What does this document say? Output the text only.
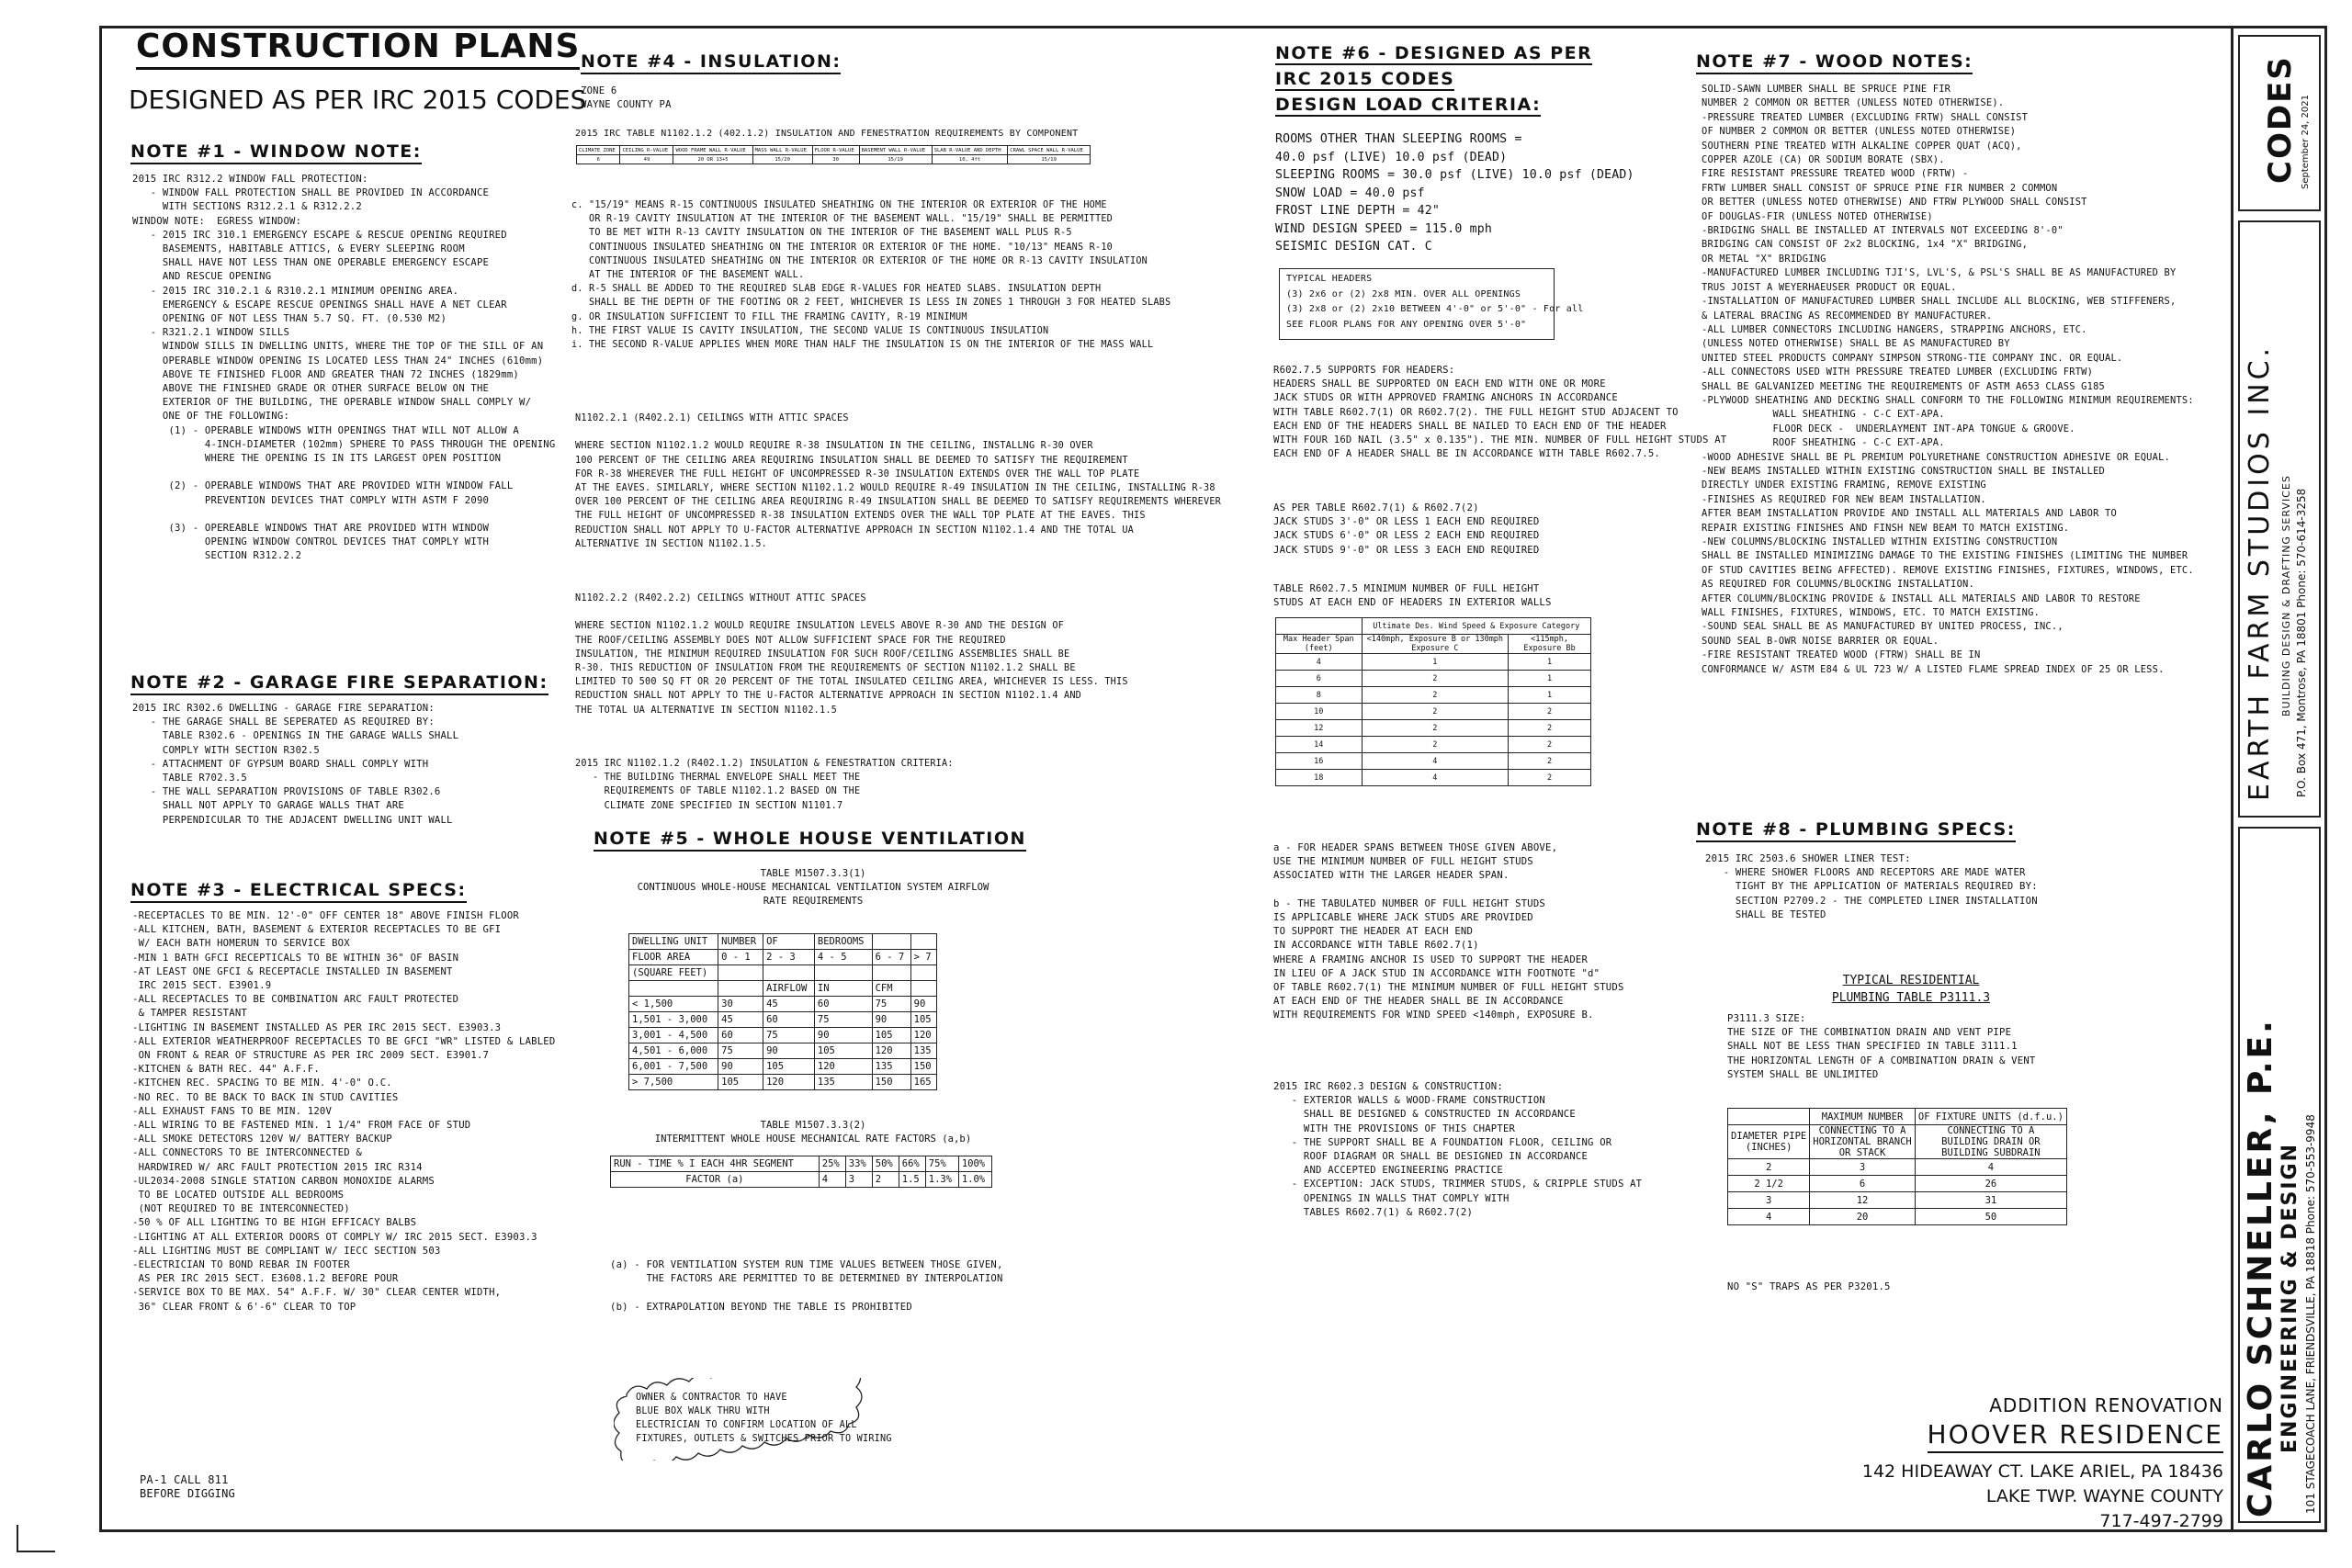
CONSTRUCTION PLANS
DESIGNED AS PER IRC 2015 CODES
NOTE #1 - WINDOW NOTE:
2015 IRC R312.2 WINDOW FALL PROTECTION:
- WINDOW FALL PROTECTION SHALL BE PROVIDED IN ACCORDANCE
WITH SECTIONS R312.2.1 & R312.2.2
WINDOW NOTE:  EGRESS WINDOW:
- 2015 IRC 310.1 EMERGENCY ESCAPE & RESCUE OPENING REQUIRED
BASEMENTS, HABITABLE ATTICS, & EVERY SLEEPING ROOM
SHALL HAVE NOT LESS THAN ONE OPERABLE EMERGENCY ESCAPE
AND RESCUE OPENING
- 2015 IRC 310.2.1 & R310.2.1 MINIMUM OPENING AREA.
EMERGENCY & ESCAPE RESCUE OPENINGS SHALL HAVE A NET CLEAR
OPENING OF NOT LESS THAN 5.7 SQ. FT. (0.530 M2)
- R321.2.1 WINDOW SILLS
WINDOW SILLS IN DWELLING UNITS, WHERE THE TOP OF THE SILL OF AN
OPERABLE WINDOW OPENING IS LOCATED LESS THAN 24" INCHES (610mm)
ABOVE TE FINISHED FLOOR AND GREATER THAN 72 INCHES (1829mm)
ABOVE THE FINISHED GRADE OR OTHER SURFACE BELOW ON THE
EXTERIOR OF THE BUILDING, THE OPERABLE WINDOW SHALL COMPLY W/
ONE OF THE FOLLOWING:
(1) - OPERABLE WINDOWS WITH OPENINGS THAT WILL NOT ALLOW A
4-INCH-DIAMETER (102mm) SPHERE TO PASS THROUGH THE OPENING
WHERE THE OPENING IS IN ITS LARGEST OPEN POSITION

(2) - OPERABLE WINDOWS THAT ARE PROVIDED WITH WINDOW FALL
PREVENTION DEVICES THAT COMPLY WITH ASTM F 2090

(3) - OPEREABLE WINDOWS THAT ARE PROVIDED WITH WINDOW
OPENING WINDOW CONTROL DEVICES THAT COMPLY WITH
SECTION R312.2.2
NOTE #2 - GARAGE FIRE SEPARATION:
2015 IRC R302.6 DWELLING - GARAGE FIRE SEPARATION:
- THE GARAGE SHALL BE SEPERATED AS REQUIRED BY:
TABLE R302.6 - OPENINGS IN THE GARAGE WALLS SHALL
COMPLY WITH SECTION R302.5
- ATTACHMENT OF GYPSUM BOARD SHALL COMPLY WITH
TABLE R702.3.5
- THE WALL SEPARATION PROVISIONS OF TABLE R302.6
SHALL NOT APPLY TO GARAGE WALLS THAT ARE
PERPENDICULAR TO THE ADJACENT DWELLING UNIT WALL
NOTE #3 - ELECTRICAL SPECS:
-RECEPTACLES TO BE MIN. 12'-0" OFF CENTER 18" ABOVE FINISH FLOOR
-ALL KITCHEN, BATH, BASEMENT & EXTERIOR RECEPTACLES TO BE GFI
W/ EACH BATH HOMERUN TO SERVICE BOX
-MIN 1 BATH GFCI RECEPTICALS TO BE WITHIN 36" OF BASIN
-AT LEAST ONE GFCI & RECEPTACLE INSTALLED IN BASEMENT
IRC 2015 SECT. E3901.9
-ALL RECEPTACLES TO BE COMBINATION ARC FAULT PROTECTED
& TAMPER RESISTANT
-LIGHTING IN BASEMENT INSTALLED AS PER IRC 2015 SECT. E3903.3
-ALL EXTERIOR WEATHERPROOF RECEPTACLES TO BE GFCI "WR" LISTED & LABLED
ON FRONT & REAR OF STRUCTURE AS PER IRC 2009 SECT. E3901.7
-KITCHEN & BATH REC. 44" A.F.F.
-KITCHEN REC. SPACING TO BE MIN. 4'-0" O.C.
-NO REC. TO BE BACK TO BACK IN STUD CAVITIES
-ALL EXHAUST FANS TO BE MIN. 120V
-ALL WIRING TO BE FASTENED MIN. 1 1/4" FROM FACE OF STUD
-ALL SMOKE DETECTORS 120V W/ BATTERY BACKUP
-ALL CONNECTORS TO BE INTERCONNECTED &
HARDWIRED W/ ARC FAULT PROTECTION 2015 IRC R314
-UL2034-2008 SINGLE STATION CARBON MONOXIDE ALARMS
TO BE LOCATED OUTSIDE ALL BEDROOMS
(NOT REQUIRED TO BE INTERCONNECTED)
-50 % OF ALL LIGHTING TO BE HIGH EFFICACY BALBS
-LIGHTING AT ALL EXTERIOR DOORS OT COMPLY W/ IRC 2015 SECT. E3903.3
-ALL LIGHTING MUST BE COMPLIANT W/ IECC SECTION 503
-ELECTRICIAN TO BOND REBAR IN FOOTER
AS PER IRC 2015 SECT. E3608.1.2 BEFORE POUR
-SERVICE BOX TO BE MAX. 54" A.F.F. W/ 30" CLEAR CENTER WIDTH,
36" CLEAR FRONT & 6'-6" CLEAR TO TOP
PA-1 CALL 811
BEFORE DIGGING
NOTE #4 - INSULATION:
ZONE 6
WAYNE COUNTY PA
2015 IRC TABLE N1102.1.2 (402.1.2) INSULATION AND FENESTRATION REQUIREMENTS BY COMPONENT
CLIMATE ZONE	CEILING R-VALUE	WOOD FRAME WALL R-VALUE	MASS WALL R-VALUE	FLOOR R-VALUE	BASEMENT WALL R-VALUE	SLAB R-VALUE AND DEPTH	CRAWL SPACE WALL R-VALUE
6	49	20 OR 13+5	15/20	30	15/19	10, 4ft	15/19
c. "15/19" MEANS R-15 CONTINUOUS INSULATED SHEATHING ON THE INTERIOR OR EXTERIOR OF THE HOME
OR R-19 CAVITY INSULATION AT THE INTERIOR OF THE BASEMENT WALL. "15/19" SHALL BE PERMITTED
TO BE MET WITH R-13 CAVITY INSULATION ON THE INTERIOR OF THE BASEMENT WALL PLUS R-5
CONTINUOUS INSULATED SHEATHING ON THE INTERIOR OR EXTERIOR OF THE HOME. "10/13" MEANS R-10
CONTINUOUS INSULATED SHEATHING ON THE INTERIOR OR EXTERIOR OF THE HOME OR R-13 CAVITY INSULATION
AT THE INTERIOR OF THE BASEMENT WALL.
d. R-5 SHALL BE ADDED TO THE REQUIRED SLAB EDGE R-VALUES FOR HEATED SLABS. INSULATION DEPTH
SHALL BE THE DEPTH OF THE FOOTING OR 2 FEET, WHICHEVER IS LESS IN ZONES 1 THROUGH 3 FOR HEATED SLABS
g. OR INSULATION SUFFICIENT TO FILL THE FRAMING CAVITY, R-19 MINIMUM
h. THE FIRST VALUE IS CAVITY INSULATION, THE SECOND VALUE IS CONTINUOUS INSULATION
i. THE SECOND R-VALUE APPLIES WHEN MORE THAN HALF THE INSULATION IS ON THE INTERIOR OF THE MASS WALL
N1102.2.1 (R402.2.1) CEILINGS WITH ATTIC SPACES

WHERE SECTION N1102.1.2 WOULD REQUIRE R-38 INSULATION IN THE CEILING, INSTALLNG R-30 OVER
100 PERCENT OF THE CEILING AREA REQUIRING INSULATION SHALL BE DEEMED TO SATISFY THE REQUIREMENT
FOR R-38 WHEREVER THE FULL HEIGHT OF UNCOMPRESSED R-30 INSULATION EXTENDS OVER THE WALL TOP PLATE
AT THE EAVES. SIMILARLY, WHERE SECTION N1102.1.2 WOULD REQUIRE R-49 INSULATION IN THE CEILING, INSTALLING R-38
OVER 100 PERCENT OF THE CEILING AREA REQUIRING R-49 INSULATION SHALL BE DEEMED TO SATISFY REQUIREMENTS WHEREVER
THE FULL HEIGHT OF UNCOMPRESSED R-38 INSULATION EXTENDS OVER THE WALL TOP PLATE AT THE EAVES. THIS
REDUCTION SHALL NOT APPLY TO U-FACTOR ALTERNATIVE APPROACH IN SECTION N1102.1.4 AND THE TOTAL UA
ALTERNATIVE IN SECTION N1102.1.5.
N1102.2.2 (R402.2.2) CEILINGS WITHOUT ATTIC SPACES

WHERE SECTION N1102.1.2 WOULD REQUIRE INSULATION LEVELS ABOVE R-30 AND THE DESIGN OF
THE ROOF/CEILING ASSEMBLY DOES NOT ALLOW SUFFICIENT SPACE FOR THE REQUIRED
INSULATION, THE MINIMUM REQUIRED INSULATION FOR SUCH ROOF/CEILING ASSEMBLIES SHALL BE
R-30. THIS REDUCTION OF INSULATION FROM THE REQUIREMENTS OF SECTION N1102.1.2 SHALL BE
LIMITED TO 500 SQ FT OR 20 PERCENT OF THE TOTAL INSULATED CEILING AREA, WHICHEVER IS LESS. THIS
REDUCTION SHALL NOT APPLY TO THE U-FACTOR ALTERNATIVE APPROACH IN SECTION N1102.1.4 AND
THE TOTAL UA ALTERNATIVE IN SECTION N1102.1.5
2015 IRC N1102.1.2 (R402.1.2) INSULATION & FENESTRATION CRITERIA:
- THE BUILDING THERMAL ENVELOPE SHALL MEET THE
REQUIREMENTS OF TABLE N1102.1.2 BASED ON THE
CLIMATE ZONE SPECIFIED IN SECTION N1101.7
NOTE #5 - WHOLE HOUSE VENTILATION
TABLE M1507.3.3(1)
CONTINUOUS WHOLE-HOUSE MECHANICAL VENTILATION SYSTEM AIRFLOW
RATE REQUIREMENTS
DWELLING UNIT	NUMBER	OF	BEDROOMS		
FLOOR AREA	0 - 1	2 - 3	4 - 5	6 - 7	> 7
(SQUARE FEET)					
		AIRFLOW	IN	CFM	
< 1,500	30	45	60	75	90
1,501 - 3,000	45	60	75	90	105
3,001 - 4,500	60	75	90	105	120
4,501 - 6,000	75	90	105	120	135
6,001 - 7,500	90	105	120	135	150
> 7,500	105	120	135	150	165
TABLE M1507.3.3(2)
INTERMITTENT WHOLE HOUSE MECHANICAL RATE FACTORS (a,b)
RUN - TIME % I EACH 4HR SEGMENT	25%	33%	50%	66%	75%	100%
FACTOR (a)	4	3	2	1.5	1.3%	1.0%
(a) - FOR VENTILATION SYSTEM RUN TIME VALUES BETWEEN THOSE GIVEN,
THE FACTORS ARE PERMITTED TO BE DETERMINED BY INTERPOLATION

(b) - EXTRAPOLATION BEYOND THE TABLE IS PROHIBITED
OWNER & CONTRACTOR TO HAVE
BLUE BOX WALK THRU WITH
ELECTRICIAN TO CONFIRM LOCATION OF ALL
FIXTURES, OUTLETS & SWITCHES PRIOR TO WIRING
NOTE #6 - DESIGNED AS PER
IRC 2015 CODES
DESIGN LOAD CRITERIA:
ROOMS OTHER THAN SLEEPING ROOMS =
40.0 psf (LIVE) 10.0 psf (DEAD)
SLEEPING ROOMS = 30.0 psf (LIVE) 10.0 psf (DEAD)
SNOW LOAD = 40.0 psf
FROST LINE DEPTH = 42"
WIND DESIGN SPEED = 115.0 mph
SEISMIC DESIGN CAT. C
TYPICAL HEADERS
(3) 2x6 or (2) 2x8 MIN. OVER ALL OPENINGS
(3) 2x8 or (2) 2x10 BETWEEN 4'-0" or 5'-0" - For all
SEE FLOOR PLANS FOR ANY OPENING OVER 5'-0"
R602.7.5 SUPPORTS FOR HEADERS:
HEADERS SHALL BE SUPPORTED ON EACH END WITH ONE OR MORE
JACK STUDS OR WITH APPROVED FRAMING ANCHORS IN ACCORDANCE
WITH TABLE R602.7(1) OR R602.7(2). THE FULL HEIGHT STUD ADJACENT TO
EACH END OF THE HEADERS SHALL BE NAILED TO EACH END OF THE HEADER
WITH FOUR 16D NAIL (3.5" x 0.135"). THE MIN. NUMBER OF FULL HEIGHT STUDS AT
EACH END OF A HEADER SHALL BE IN ACCORDANCE WITH TABLE R602.7.5.
AS PER TABLE R602.7(1) & R602.7(2)
JACK STUDS 3'-0" OR LESS 1 EACH END REQUIRED
JACK STUDS 6'-0" OR LESS 2 EACH END REQUIRED
JACK STUDS 9'-0" OR LESS 3 EACH END REQUIRED
TABLE R602.7.5 MINIMUM NUMBER OF FULL HEIGHT
STUDS AT EACH END OF HEADERS IN EXTERIOR WALLS
	Ultimate Des. Wind Speed & Exposure Category	
Max Header Span (feet)	<140mph, Exposure B or 130mph Exposure C	<115mph, Exposure Bb
4	1	1
6	2	1
8	2	1
10	2	2
12	2	2
14	2	2
16	4	2
18	4	2
a - FOR HEADER SPANS BETWEEN THOSE GIVEN ABOVE,
USE THE MINIMUM NUMBER OF FULL HEIGHT STUDS
ASSOCIATED WITH THE LARGER HEADER SPAN.

b - THE TABULATED NUMBER OF FULL HEIGHT STUDS
IS APPLICABLE WHERE JACK STUDS ARE PROVIDED
TO SUPPORT THE HEADER AT EACH END
IN ACCORDANCE WITH TABLE R602.7(1)
WHERE A FRAMING ANCHOR IS USED TO SUPPORT THE HEADER
IN LIEU OF A JACK STUD IN ACCORDANCE WITH FOOTNOTE "d"
OF TABLE R602.7(1) THE MINIMUM NUMBER OF FULL HEIGHT STUDS
AT EACH END OF THE HEADER SHALL BE IN ACCORDANCE
WITH REQUIREMENTS FOR WIND SPEED <140mph, EXPOSURE B.
2015 IRC R602.3 DESIGN & CONSTRUCTION:
- EXTERIOR WALLS & WOOD-FRAME CONSTRUCTION
SHALL BE DESIGNED & CONSTRUCTED IN ACCORDANCE
WITH THE PROVISIONS OF THIS CHAPTER
- THE SUPPORT SHALL BE A FOUNDATION FLOOR, CEILING OR
ROOF DIAGRAM OR SHALL BE DESIGNED IN ACCORDANCE
AND ACCEPTED ENGINEERING PRACTICE
- EXCEPTION: JACK STUDS, TRIMMER STUDS, & CRIPPLE STUDS AT
OPENINGS IN WALLS THAT COMPLY WITH
TABLES R602.7(1) & R602.7(2)
NOTE #7 - WOOD NOTES:
SOLID-SAWN LUMBER SHALL BE SPRUCE PINE FIR
NUMBER 2 COMMON OR BETTER (UNLESS NOTED OTHERWISE).
-PRESSURE TREATED LUMBER (EXCLUDING FRTW) SHALL CONSIST
OF NUMBER 2 COMMON OR BETTER (UNLESS NOTED OTHERWISE)
SOUTHERN PINE TREATED WITH ALKALINE COPPER QUAT (ACQ),
COPPER AZOLE (CA) OR SODIUM BORATE (SBX).
FIRE RESISTANT PRESSURE TREATED WOOD (FRTW) -
FRTW LUMBER SHALL CONSIST OF SPRUCE PINE FIR NUMBER 2 COMMON
OR BETTER (UNLESS NOTED OTHERWISE) AND FTRW PLYWOOD SHALL CONSIST
OF DOUGLAS-FIR (UNLESS NOTED OTHERWISE)
-BRIDGING SHALL BE INSTALLED AT INTERVALS NOT EXCEEDING 8'-0"
BRIDGING CAN CONSIST OF 2x2 BLOCKING, 1x4 "X" BRIDGING,
OR METAL "X" BRIDGING
-MANUFACTURED LUMBER INCLUDING TJI'S, LVL'S, & PSL'S SHALL BE AS MANUFACTURED BY
TRUS JOIST A WEYERHAEUSER PRODUCT OR EQUAL.
-INSTALLATION OF MANUFACTURED LUMBER SHALL INCLUDE ALL BLOCKING, WEB STIFFENERS,
& LATERAL BRACING AS RECOMMENDED BY MANUFACTURER.
-ALL LUMBER CONNECTORS INCLUDING HANGERS, STRAPPING ANCHORS, ETC.
(UNLESS NOTED OTHERWISE) SHALL BE AS MANUFACTURED BY
UNITED STEEL PRODUCTS COMPANY SIMPSON STRONG-TIE COMPANY INC. OR EQUAL.
-ALL CONNECTORS USED WITH PRESSURE TREATED LUMBER (EXCLUDING FRTW)
SHALL BE GALVANIZED MEETING THE REQUIREMENTS OF ASTM A653 CLASS G185
-PLYWOOD SHEATHING AND DECKING SHALL CONFORM TO THE FOLLOWING MINIMUM REQUIREMENTS:
WALL SHEATHING - C-C EXT-APA.
FLOOR DECK -  UNDERLAYMENT INT-APA TONGUE & GROOVE.
ROOF SHEATHING - C-C EXT-APA.
-WOOD ADHESIVE SHALL BE PL PREMIUM POLYURETHANE CONSTRUCTION ADHESIVE OR EQUAL.
-NEW BEAMS INSTALLED WITHIN EXISTING CONSTRUCTION SHALL BE INSTALLED
DIRECTLY UNDER EXISTING FRAMING, REMOVE EXISTING
-FINISHES AS REQUIRED FOR NEW BEAM INSTALLATION.
AFTER BEAM INSTALLATION PROVIDE AND INSTALL ALL MATERIALS AND LABOR TO
REPAIR EXISTING FINISHES AND FINSH NEW BEAM TO MATCH EXISTING.
-NEW COLUMNS/BLOCKING INSTALLED WITHIN EXISTING CONSTRUCTION
SHALL BE INSTALLED MINIMIZING DAMAGE TO THE EXISTING FINISHES (LIMITING THE NUMBER
OF STUD CAVITIES BEING AFFECTED). REMOVE EXISTING FINISHES, FIXTURES, WINDOWS, ETC.
AS REQUIRED FOR COLUMNS/BLOCKING INSTALLATION.
AFTER COLUMN/BLOCKING PROVIDE & INSTALL ALL MATERIALS AND LABOR TO RESTORE
WALL FINISHES, FIXTURES, WINDOWS, ETC. TO MATCH EXISTING.
-SOUND SEAL SHALL BE AS MANUFACTURED BY UNITED PROCESS, INC.,
SOUND SEAL B-OWR NOISE BARRIER OR EQUAL.
-FIRE RESISTANT TREATED WOOD (FTRW) SHALL BE IN
CONFORMANCE W/ ASTM E84 & UL 723 W/ A LISTED FLAME SPREAD INDEX OF 25 OR LESS.
NOTE #8 - PLUMBING SPECS:
2015 IRC 2503.6 SHOWER LINER TEST:
- WHERE SHOWER FLOORS AND RECEPTORS ARE MADE WATER
TIGHT BY THE APPLICATION OF MATERIALS REQUIRED BY:
SECTION P2709.2 - THE COMPLETED LINER INSTALLATION
SHALL BE TESTED
TYPICAL RESIDENTIAL
PLUMBING TABLE P3111.3
P3111.3 SIZE:
THE SIZE OF THE COMBINATION DRAIN AND VENT PIPE
SHALL NOT BE LESS THAN SPECIFIED IN TABLE 3111.1
THE HORIZONTAL LENGTH OF A COMBINATION DRAIN & VENT
SYSTEM SHALL BE UNLIMITED
	MAXIMUM NUMBER	OF FIXTURE UNITS (d.f.u.)
DIAMETER PIPE
(INCHES)	CONNECTING TO A
HORIZONTAL BRANCH
OR STACK	CONNECTING TO A
BUILDING DRAIN OR
BUILDING SUBDRAIN
2	3	4
2 1/2	6	26
3	12	31
4	20	50
NO "S" TRAPS AS PER P3201.5
ADDITION RENOVATION
HOOVER RESIDENCE
142 HIDEAWAY CT. LAKE ARIEL, PA 18436
LAKE TWP. WAYNE COUNTY
717-497-2799
CODES September 24, 2021
EARTH FARM STUDIOS INC. BUILDING DESIGN & DRAFTING SERVICES P.O. Box 471, Montrose, PA 18801 Phone: 570-614-3258
CARLO SCHNELLER, P.E. ENGINEERING & DESIGN 101 STAGECOACH LANE, FRIENDSVILLE, PA 18818 Phone: 570-553-9948
